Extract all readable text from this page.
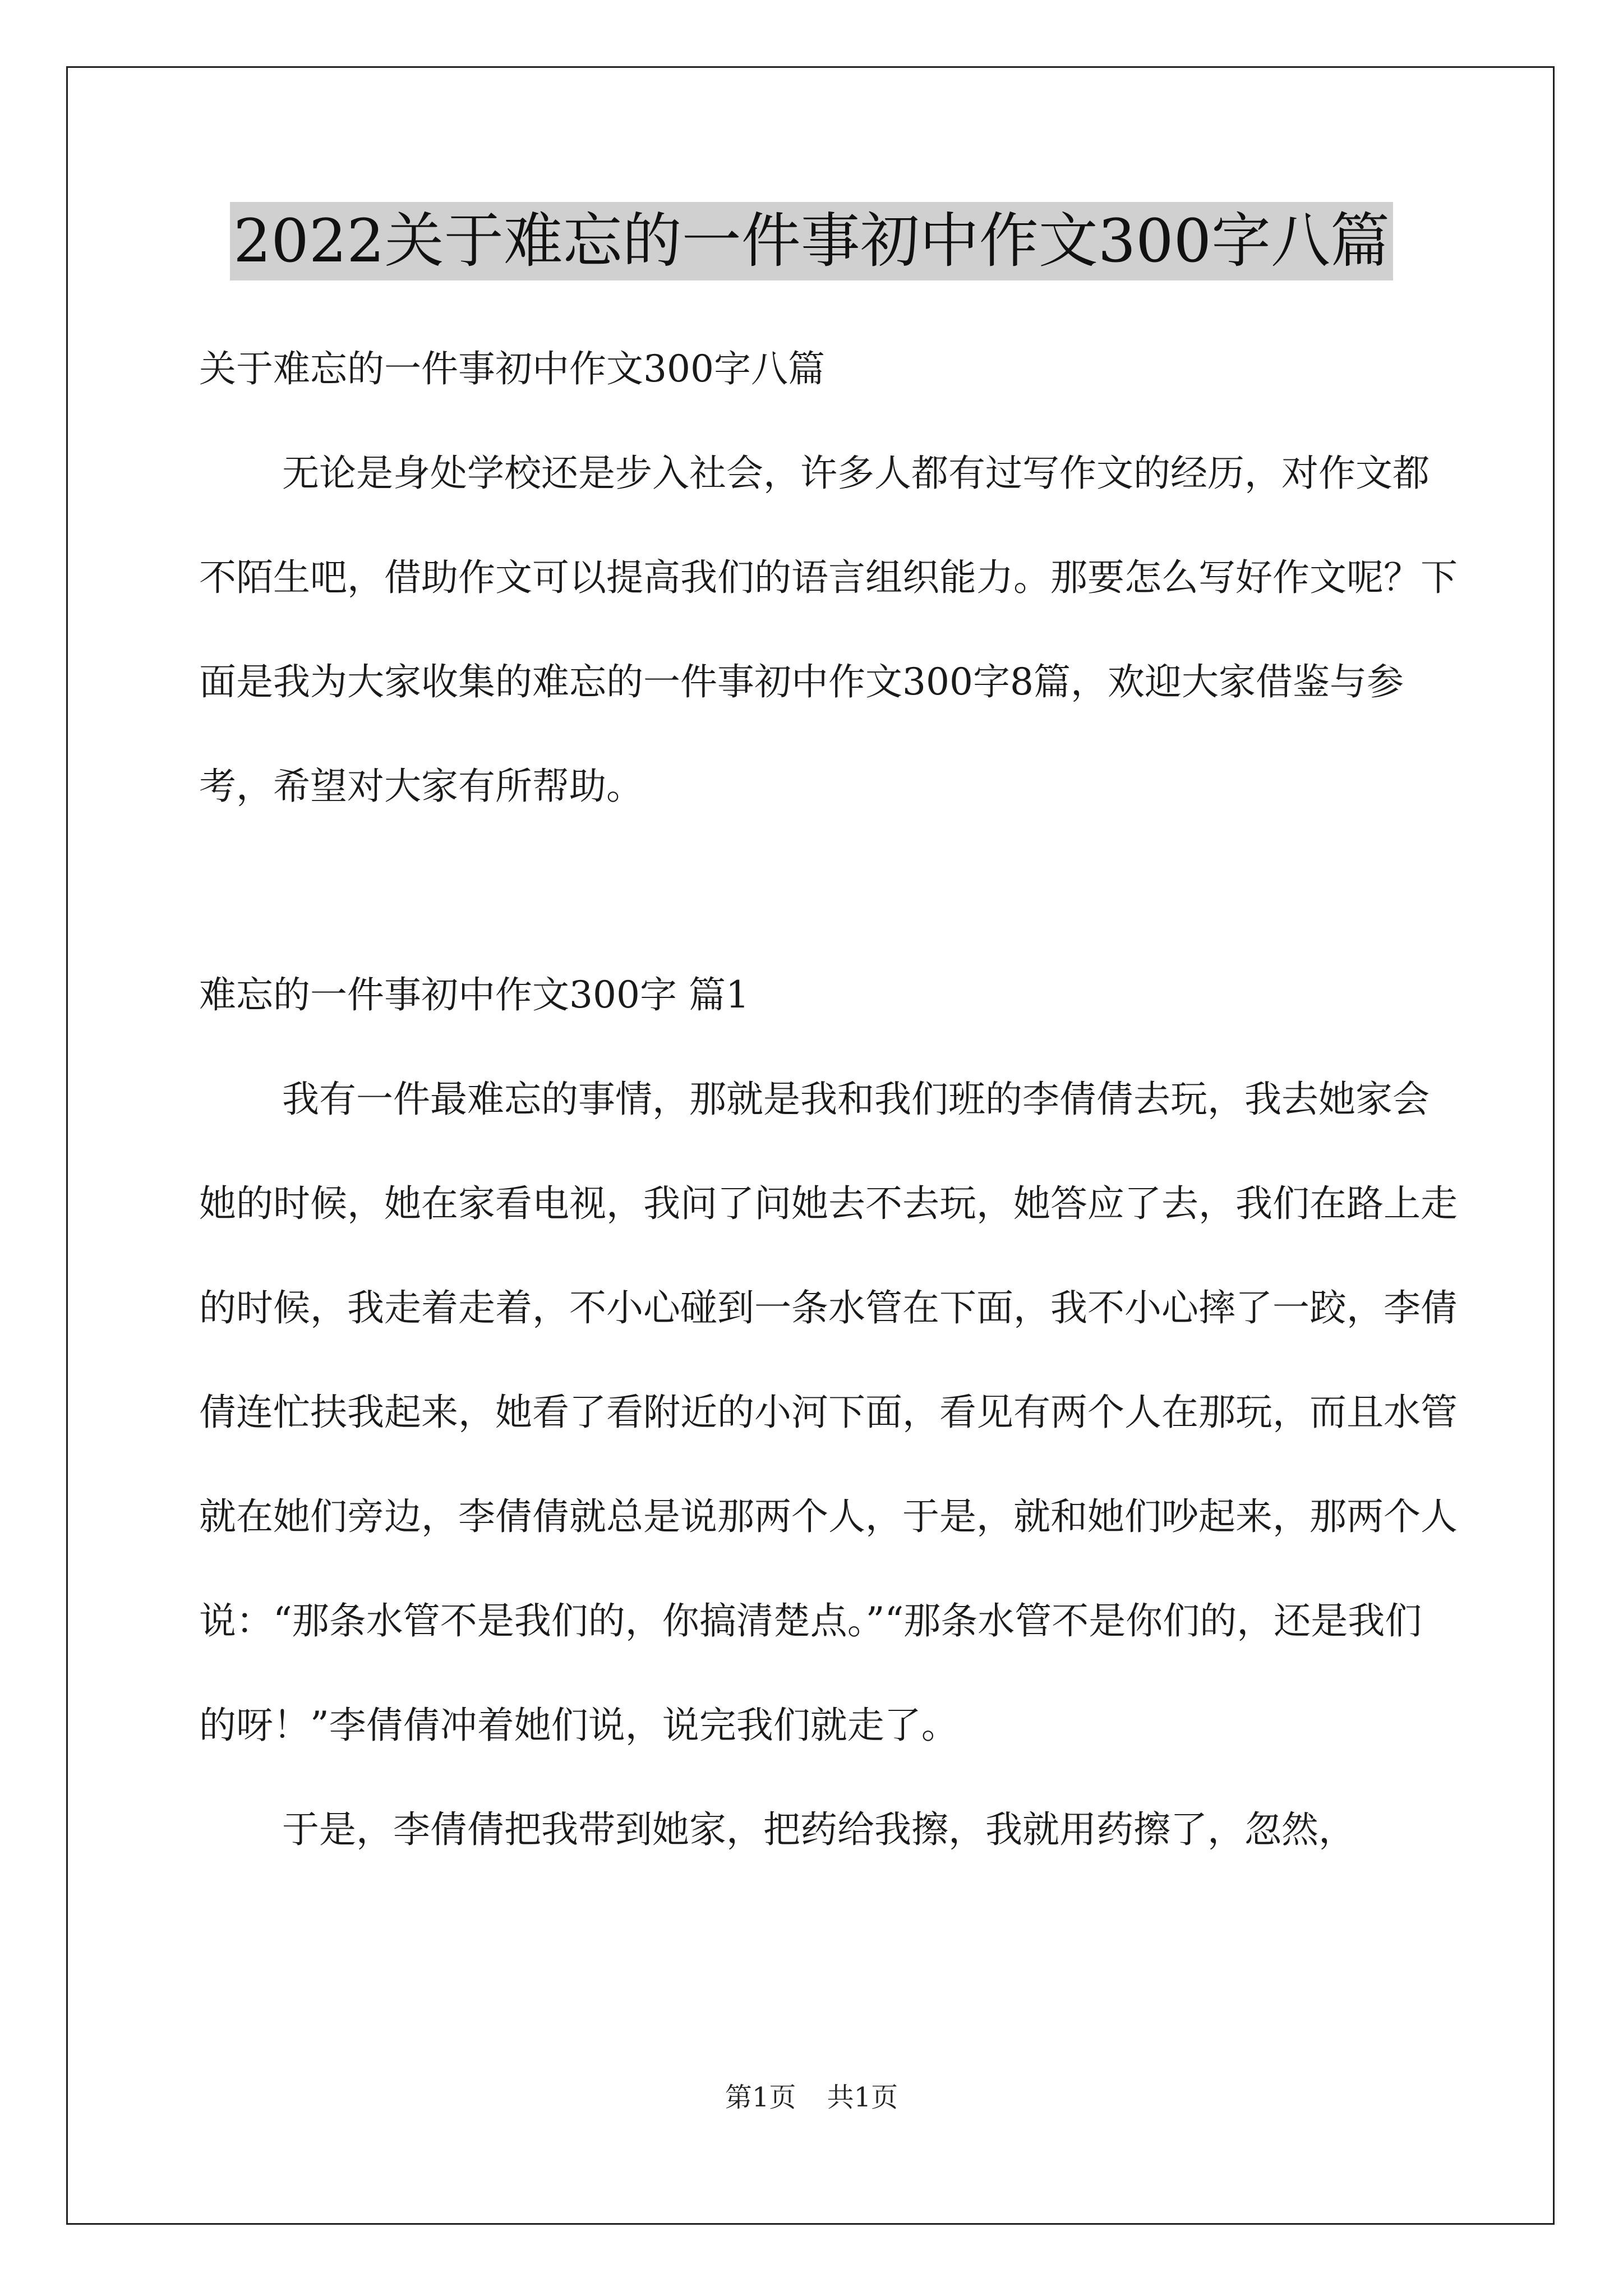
2022关于难忘的一件事初中作文300字八篇

关于难忘的一件事初中作文300字八篇

无论是身处学校还是步入社会，许多人都有过写作文的经历，对作文都不陌生吧，借助作文可以提高我们的语言组织能力。那要怎么写好作文呢？下面是我为大家收集的难忘的一件事初中作文300字8篇，欢迎大家借鉴与参考，希望对大家有所帮助。

难忘的一件事初中作文300字 篇1

我有一件最难忘的事情，那就是我和我们班的李倩倩去玩，我去她家会她的时候，她在家看电视，我问了问她去不去玩，她答应了去，我们在路上走的时候，我走着走着，不小心碰到一条水管在下面，我不小心摔了一跤，李倩倩连忙扶我起来，她看了看附近的小河下面，看见有两个人在那玩，而且水管就在她们旁边，李倩倩就总是说那两个人，于是，就和她们吵起来，那两个人说：“那条水管不是我们的，你搞清楚点。”“那条水管不是你们的，还是我们的呀！”李倩倩冲着她们说，说完我们就走了。

于是，李倩倩把我带到她家，把药给我擦，我就用药擦了，忽然，

第1页 共1页
